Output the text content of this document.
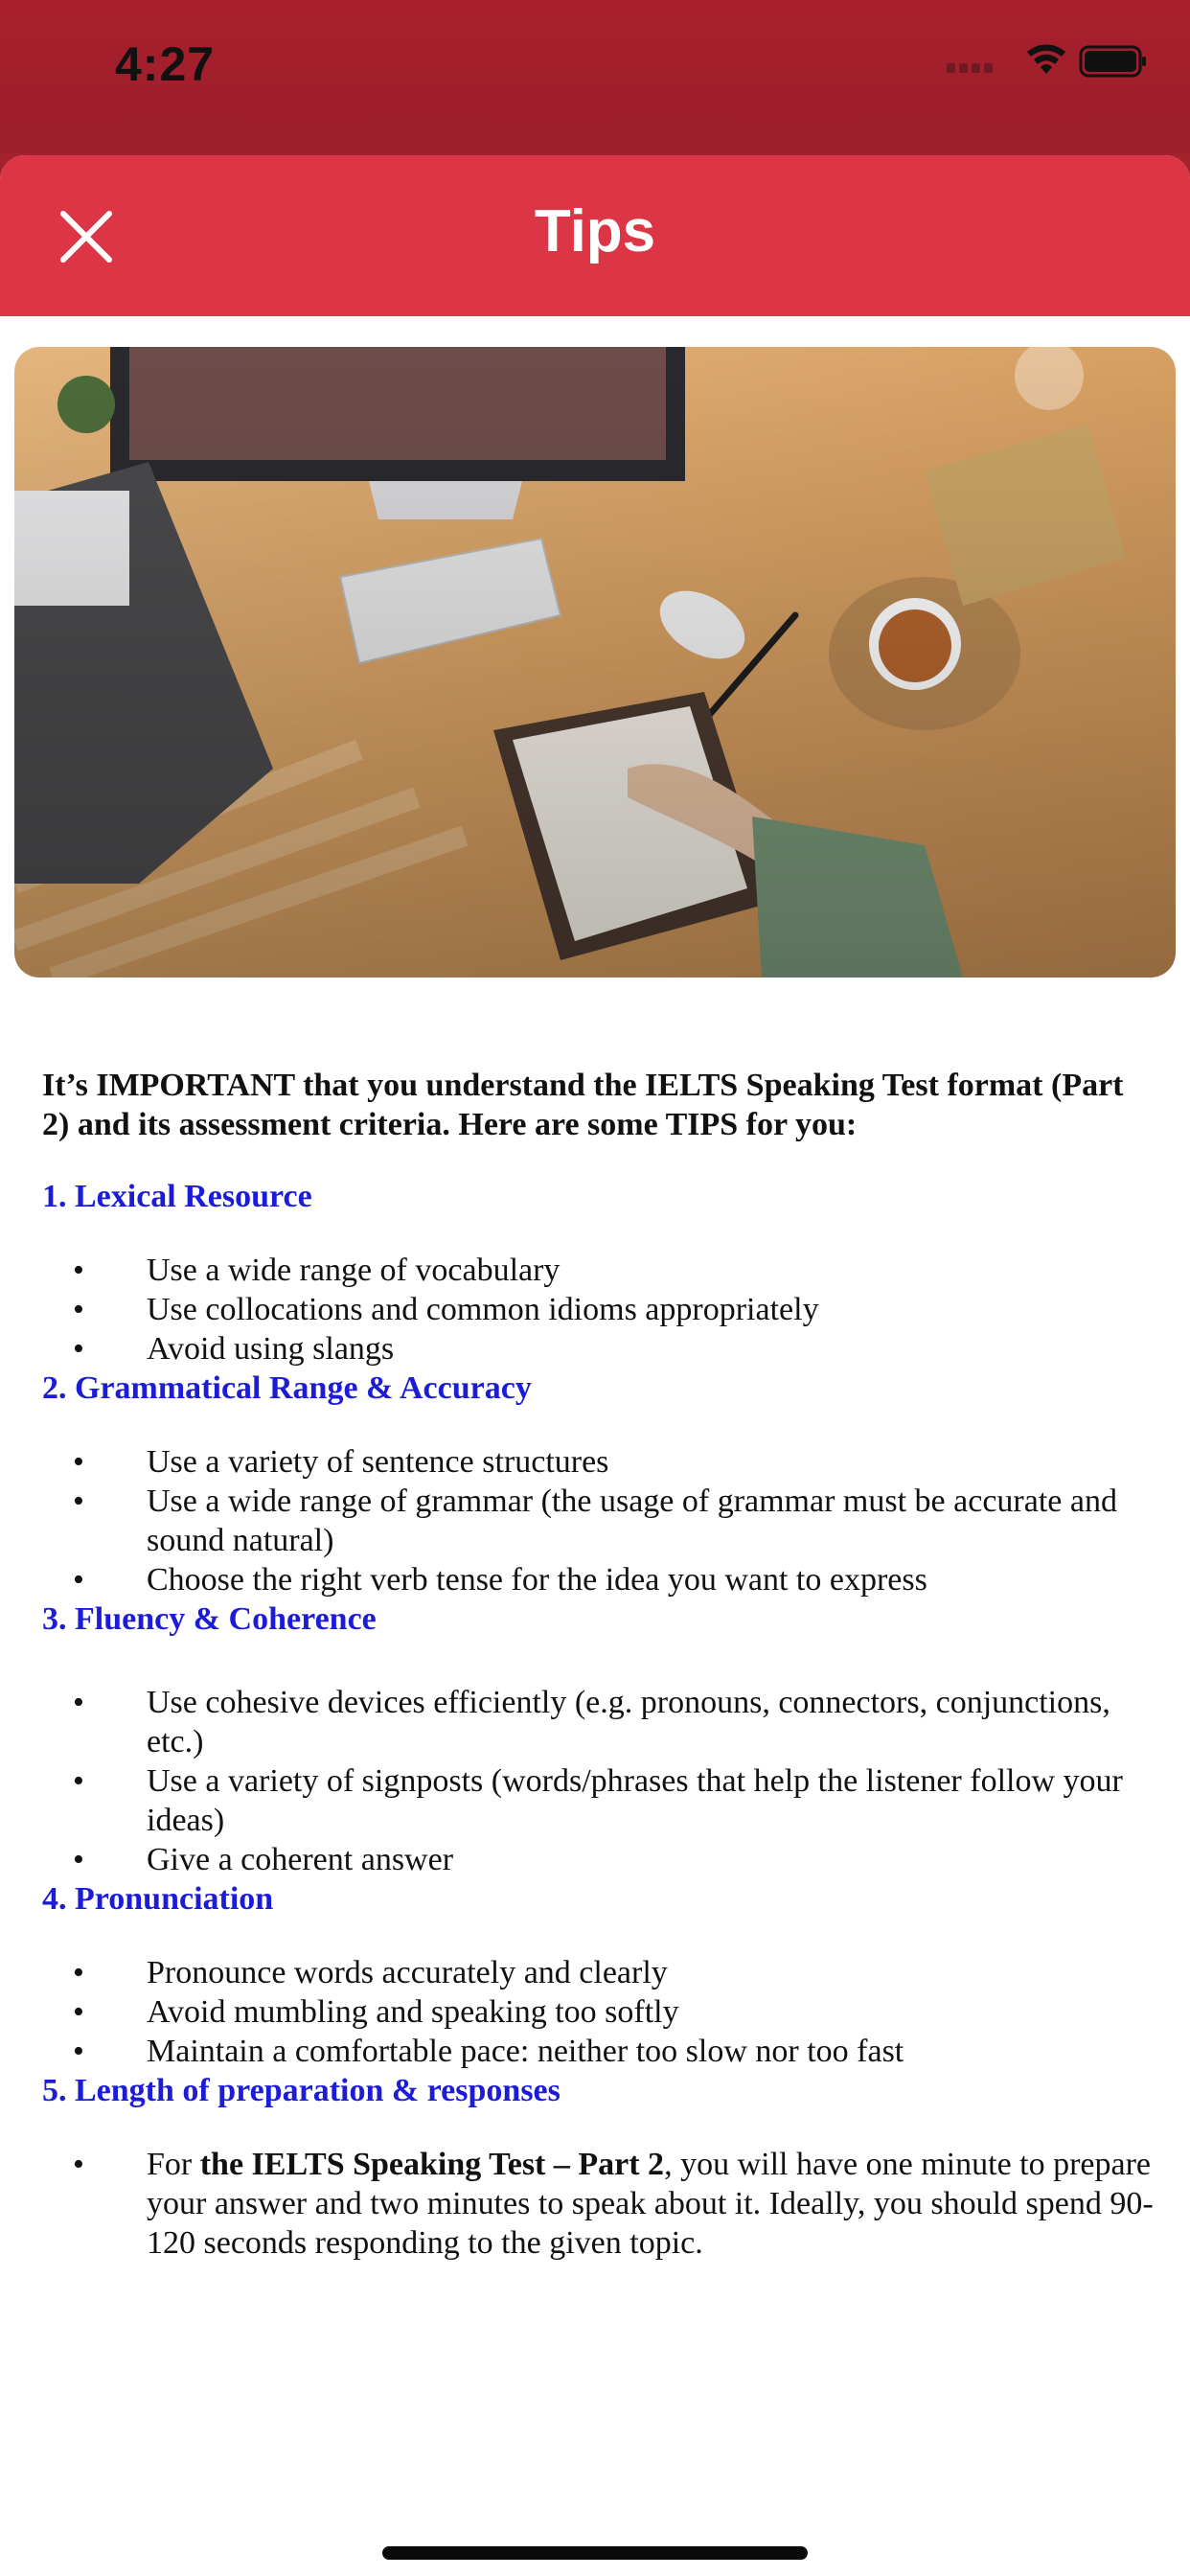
4:27
Tips

It’s IMPORTANT that you understand the IELTS Speaking Test format (Part 2) and its assessment criteria. Here are some TIPS for you:

1. Lexical Resource
• Use a wide range of vocabulary
• Use collocations and common idioms appropriately
• Avoid using slangs
2. Grammatical Range & Accuracy
• Use a variety of sentence structures
• Use a wide range of grammar (the usage of grammar must be accurate and sound natural)
• Choose the right verb tense for the idea you want to express
3. Fluency & Coherence
• Use cohesive devices efficiently (e.g. pronouns, connectors, conjunctions, etc.)
• Use a variety of signposts (words/phrases that help the listener follow your ideas)
• Give a coherent answer
4. Pronunciation
• Pronounce words accurately and clearly
• Avoid mumbling and speaking too softly
• Maintain a comfortable pace: neither too slow nor too fast
5. Length of preparation & responses
• For the IELTS Speaking Test – Part 2, you will have one minute to prepare your answer and two minutes to speak about it. Ideally, you should spend 90-120 seconds responding to the given topic.
